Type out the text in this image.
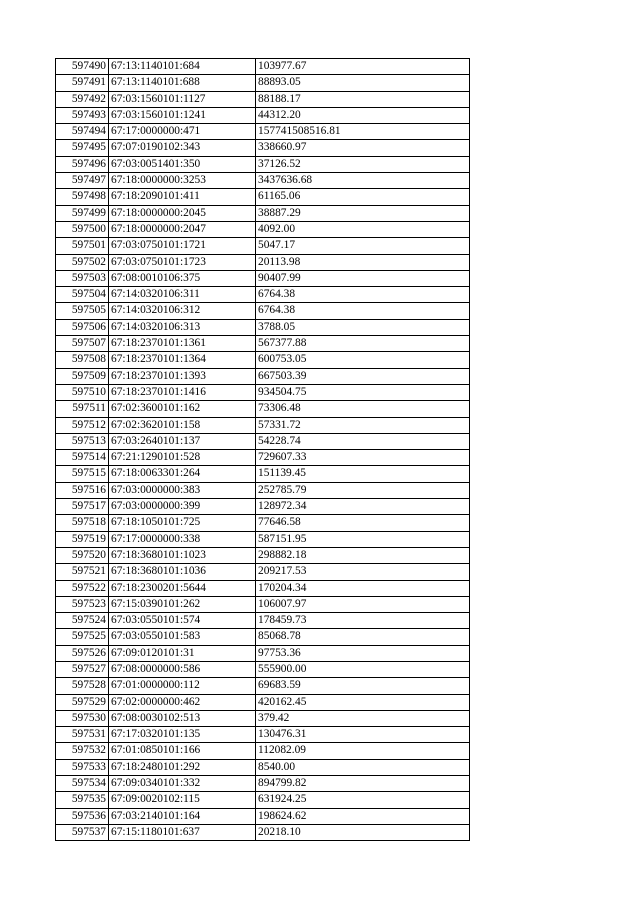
597490	67:13:1140101:684	103977.67
597491	67:13:1140101:688	88893.05
597492	67:03:1560101:1127	88188.17
597493	67:03:1560101:1241	44312.20
597494	67:17:0000000:471	157741508516.81
597495	67:07:0190102:343	338660.97
597496	67:03:0051401:350	37126.52
597497	67:18:0000000:3253	3437636.68
597498	67:18:2090101:411	61165.06
597499	67:18:0000000:2045	38887.29
597500	67:18:0000000:2047	4092.00
597501	67:03:0750101:1721	5047.17
597502	67:03:0750101:1723	20113.98
597503	67:08:0010106:375	90407.99
597504	67:14:0320106:311	6764.38
597505	67:14:0320106:312	6764.38
597506	67:14:0320106:313	3788.05
597507	67:18:2370101:1361	567377.88
597508	67:18:2370101:1364	600753.05
597509	67:18:2370101:1393	667503.39
597510	67:18:2370101:1416	934504.75
597511	67:02:3600101:162	73306.48
597512	67:02:3620101:158	57331.72
597513	67:03:2640101:137	54228.74
597514	67:21:1290101:528	729607.33
597515	67:18:0063301:264	151139.45
597516	67:03:0000000:383	252785.79
597517	67:03:0000000:399	128972.34
597518	67:18:1050101:725	77646.58
597519	67:17:0000000:338	587151.95
597520	67:18:3680101:1023	298882.18
597521	67:18:3680101:1036	209217.53
597522	67:18:2300201:5644	170204.34
597523	67:15:0390101:262	106007.97
597524	67:03:0550101:574	178459.73
597525	67:03:0550101:583	85068.78
597526	67:09:0120101:31	97753.36
597527	67:08:0000000:586	555900.00
597528	67:01:0000000:112	69683.59
597529	67:02:0000000:462	420162.45
597530	67:08:0030102:513	379.42
597531	67:17:0320101:135	130476.31
597532	67:01:0850101:166	112082.09
597533	67:18:2480101:292	8540.00
597534	67:09:0340101:332	894799.82
597535	67:09:0020102:115	631924.25
597536	67:03:2140101:164	198624.62
597537	67:15:1180101:637	20218.10
